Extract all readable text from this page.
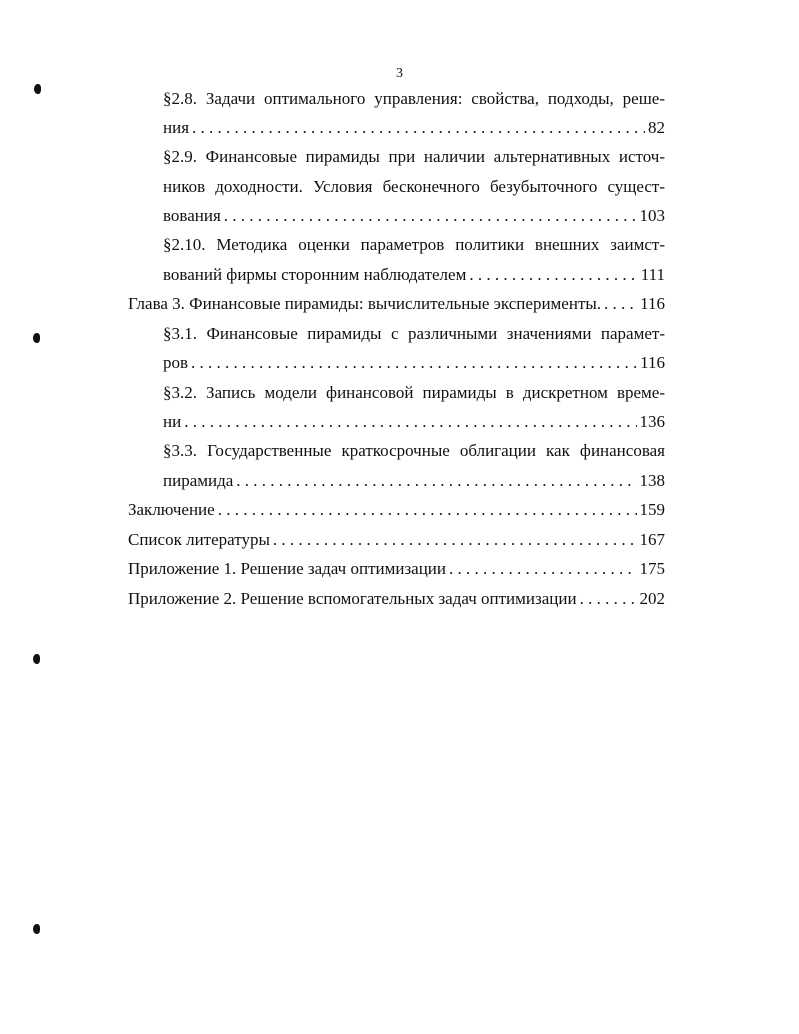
3
§2.8. Задачи оптимального управления: свойства, подходы, реше-
ния . . .	82
§2.9. Финансовые пирамиды при наличии альтернативных источ-
ников доходности. Условия бесконечного безубыточного сущест-
вования . . .	103
§2.10. Методика оценки параметров политики внешних заимст-
вований фирмы сторонним наблюдателем . . .	111
Глава 3. Финансовые пирамиды: вычислительные эксперименты. . . . 116
§3.1. Финансовые пирамиды с различными значениями парамет-
ров . . .	116
§3.2. Запись модели финансовой пирамиды в дискретном време-
ни . . .	136
§3.3. Государственные краткосрочные облигации как финансовая
пирамида . . .	138
Заключение . . .	159
Список литературы . . .	167
Приложение 1. Решение задач оптимизации . . .	175
Приложение 2. Решение вспомогательных задач оптимизации . . .	202
